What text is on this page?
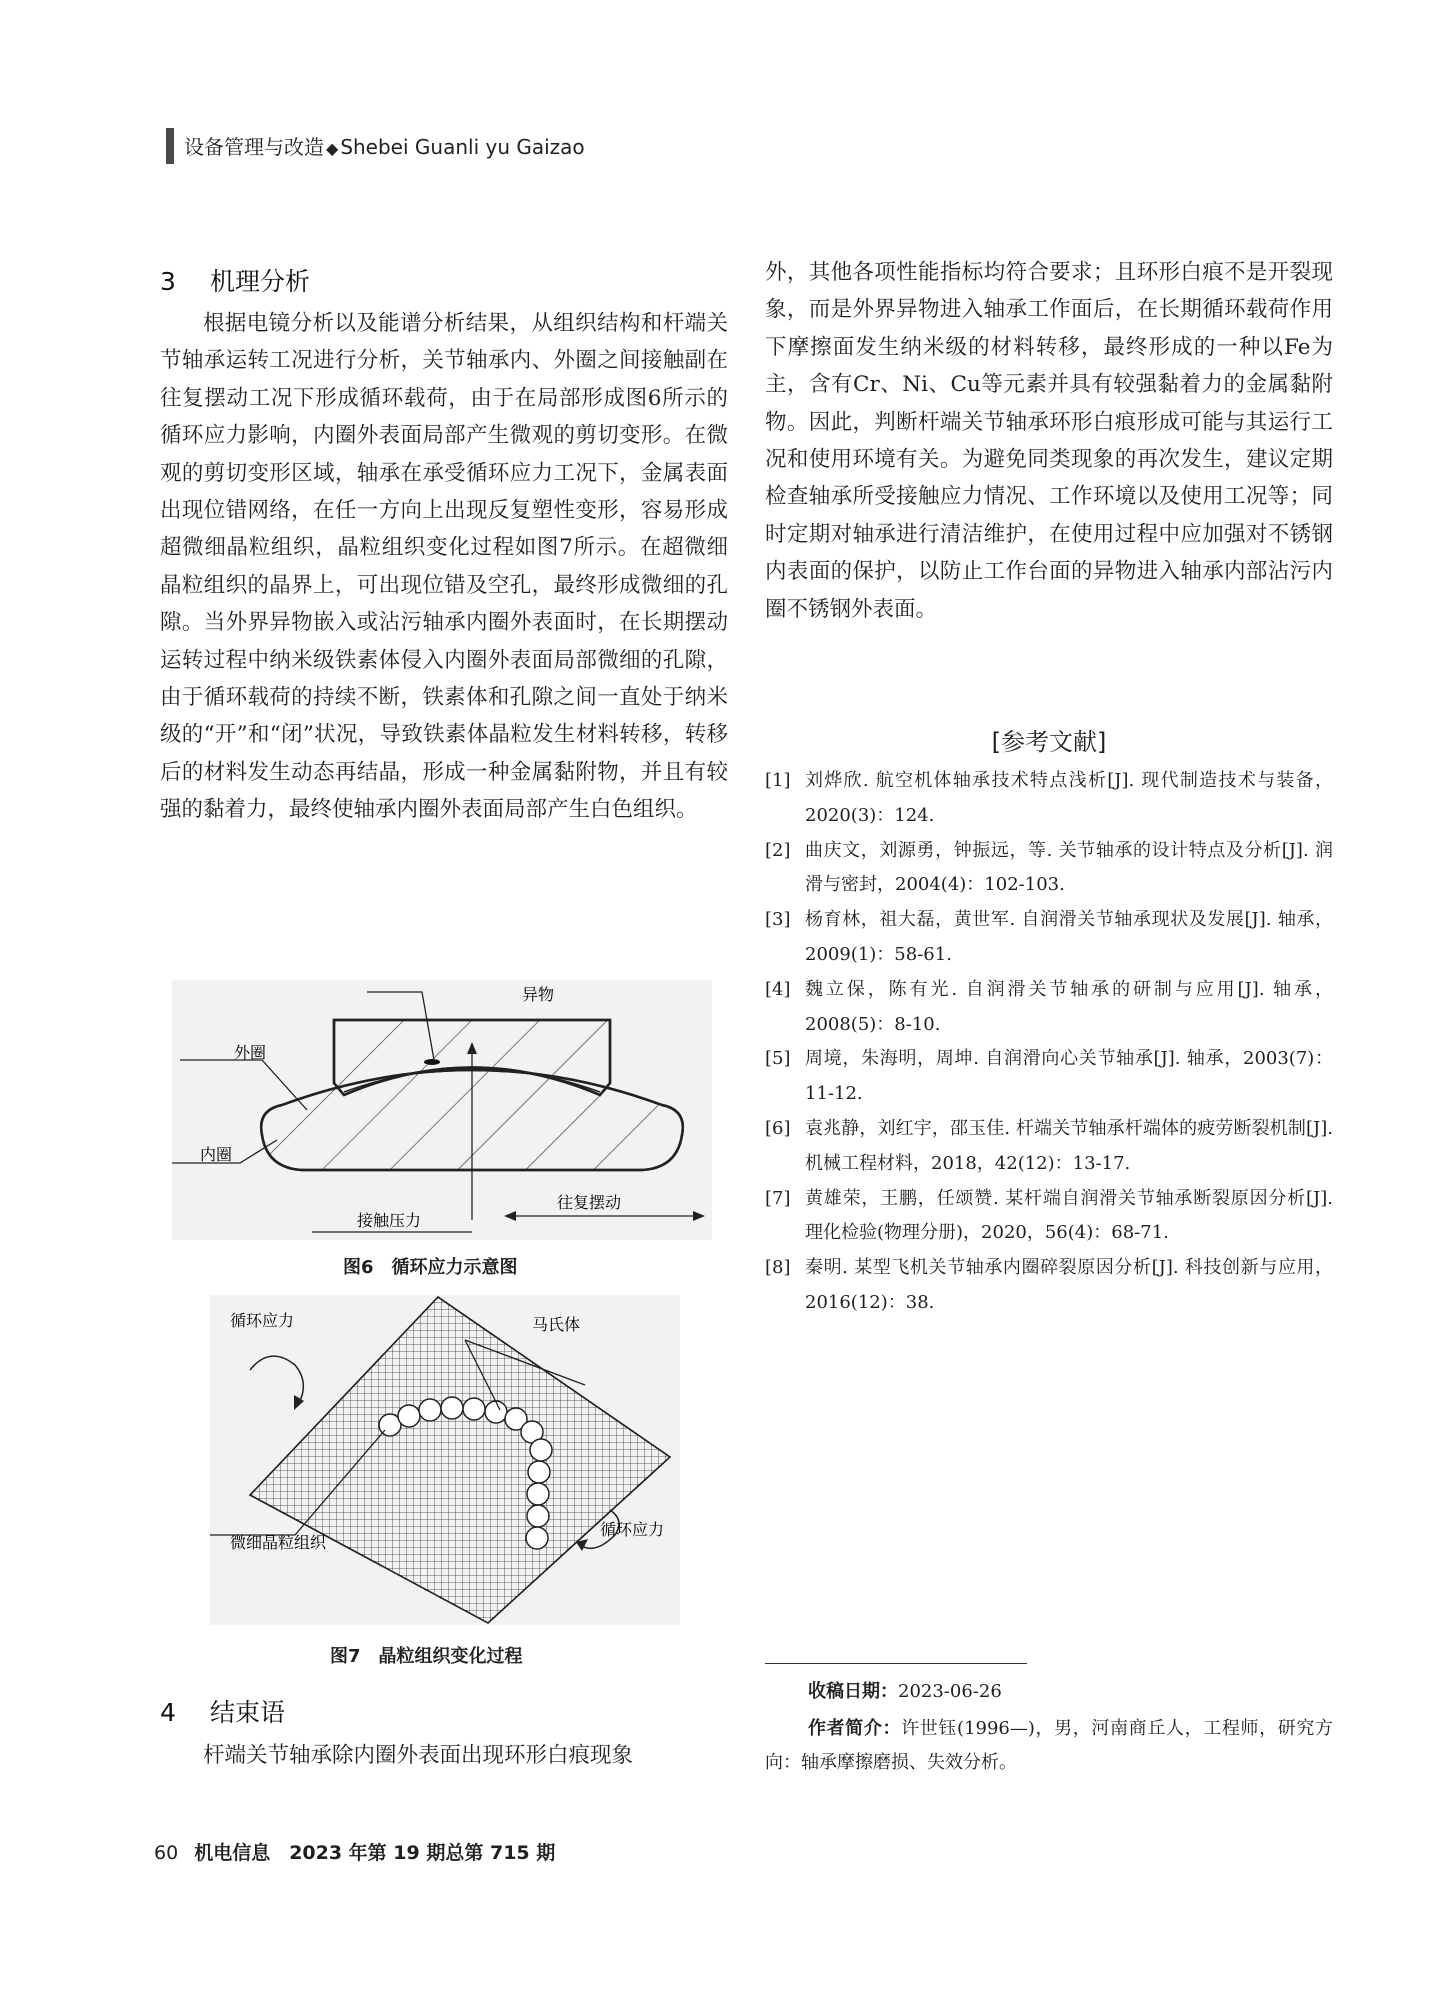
设备管理与改造 ◆ Shebei Guanli yu Gaizao
3 机理分析

根据电镜分析以及能谱分析结果，从组织结构和杆端关节轴承运转工况进行分析，关节轴承内、外圈之间接触副在往复摆动工况下形成循环载荷，由于在局部形成图6所示的循环应力影响，内圈外表面局部产生微观的剪切变形。在微观的剪切变形区域，轴承在承受循环应力工况下，金属表面出现位错网络，在任一方向上出现反复塑性变形，容易形成超微细晶粒组织，晶粒组织变化过程如图7所示。在超微细晶粒组织的晶界上，可出现位错及空孔，最终形成微细的孔隙。当外界异物嵌入或沾污轴承内圈外表面时，在长期摆动运转过程中纳米级铁素体侵入内圈外表面局部微细的孔隙，由于循环载荷的持续不断，铁素体和孔隙之间一直处于纳米级的“开”和“闭”状况，导致铁素体晶粒发生材料转移，转移后的材料发生动态再结晶，形成一种金属黏附物，并且有较强的黏着力，最终使轴承内圈外表面局部产生白色组织。

异物
外圈
内圈
接触压力
往复摆动
图6 循环应力示意图
循环应力	马氏体
循环应力
微细晶粒组织
图7 晶粒组织变化过程
4 结束语

杆端关节轴承除内圈外表面出现环形白痕现象

外，其他各项性能指标均符合要求；且环形白痕不是开裂现象，而是外界异物进入轴承工作面后，在长期循环载荷作用下摩擦面发生纳米级的材料转移，最终形成的一种以Fe为主，含有Cr、Ni、Cu等元素并具有较强黏着力的金属黏附物。因此，判断杆端关节轴承环形白痕形成可能与其运行工况和使用环境有关。为避免同类现象的再次发生，建议定期检查轴承所受接触应力情况、工作环境以及使用工况等；同时定期对轴承进行清洁维护，在使用过程中应加强对不锈钢内表面的保护，以防止工作台面的异物进入轴承内部沾污内圈不锈钢外表面。

[参考文献]
[1] 刘烨欣. 航空机体轴承技术特点浅析[J]. 现代制造技术与装备，2020(3)：124.
[2] 曲庆文，刘源勇，钟振远，等. 关节轴承的设计特点及分析[J]. 润滑与密封，2004(4)：102-103.
[3] 杨育林，祖大磊，黄世军. 自润滑关节轴承现状及发展[J]. 轴承，2009(1)：58-61.
[4] 魏立保，陈有光. 自润滑关节轴承的研制与应用[J]. 轴承，2008(5)：8-10.
[5] 周境，朱海明，周坤. 自润滑向心关节轴承[J]. 轴承，2003(7)：11-12.
[6] 袁兆静，刘红宇，邵玉佳. 杆端关节轴承杆端体的疲劳断裂机制[J]. 机械工程材料，2018，42(12)：13-17.
[7] 黄雄荣，王鹏，任颂赞. 某杆端自润滑关节轴承断裂原因分析[J]. 理化检验(物理分册)，2020，56(4)：68-71.
[8] 秦明. 某型飞机关节轴承内圈碎裂原因分析[J]. 科技创新与应用，2016(12)：38.
收稿日期：2023-06-26
作者简介：许世钰(1996—)，男，河南商丘人，工程师，研究方向：轴承摩擦磨损、失效分析。
60 机电信息　2023 年第 19 期总第 715 期
